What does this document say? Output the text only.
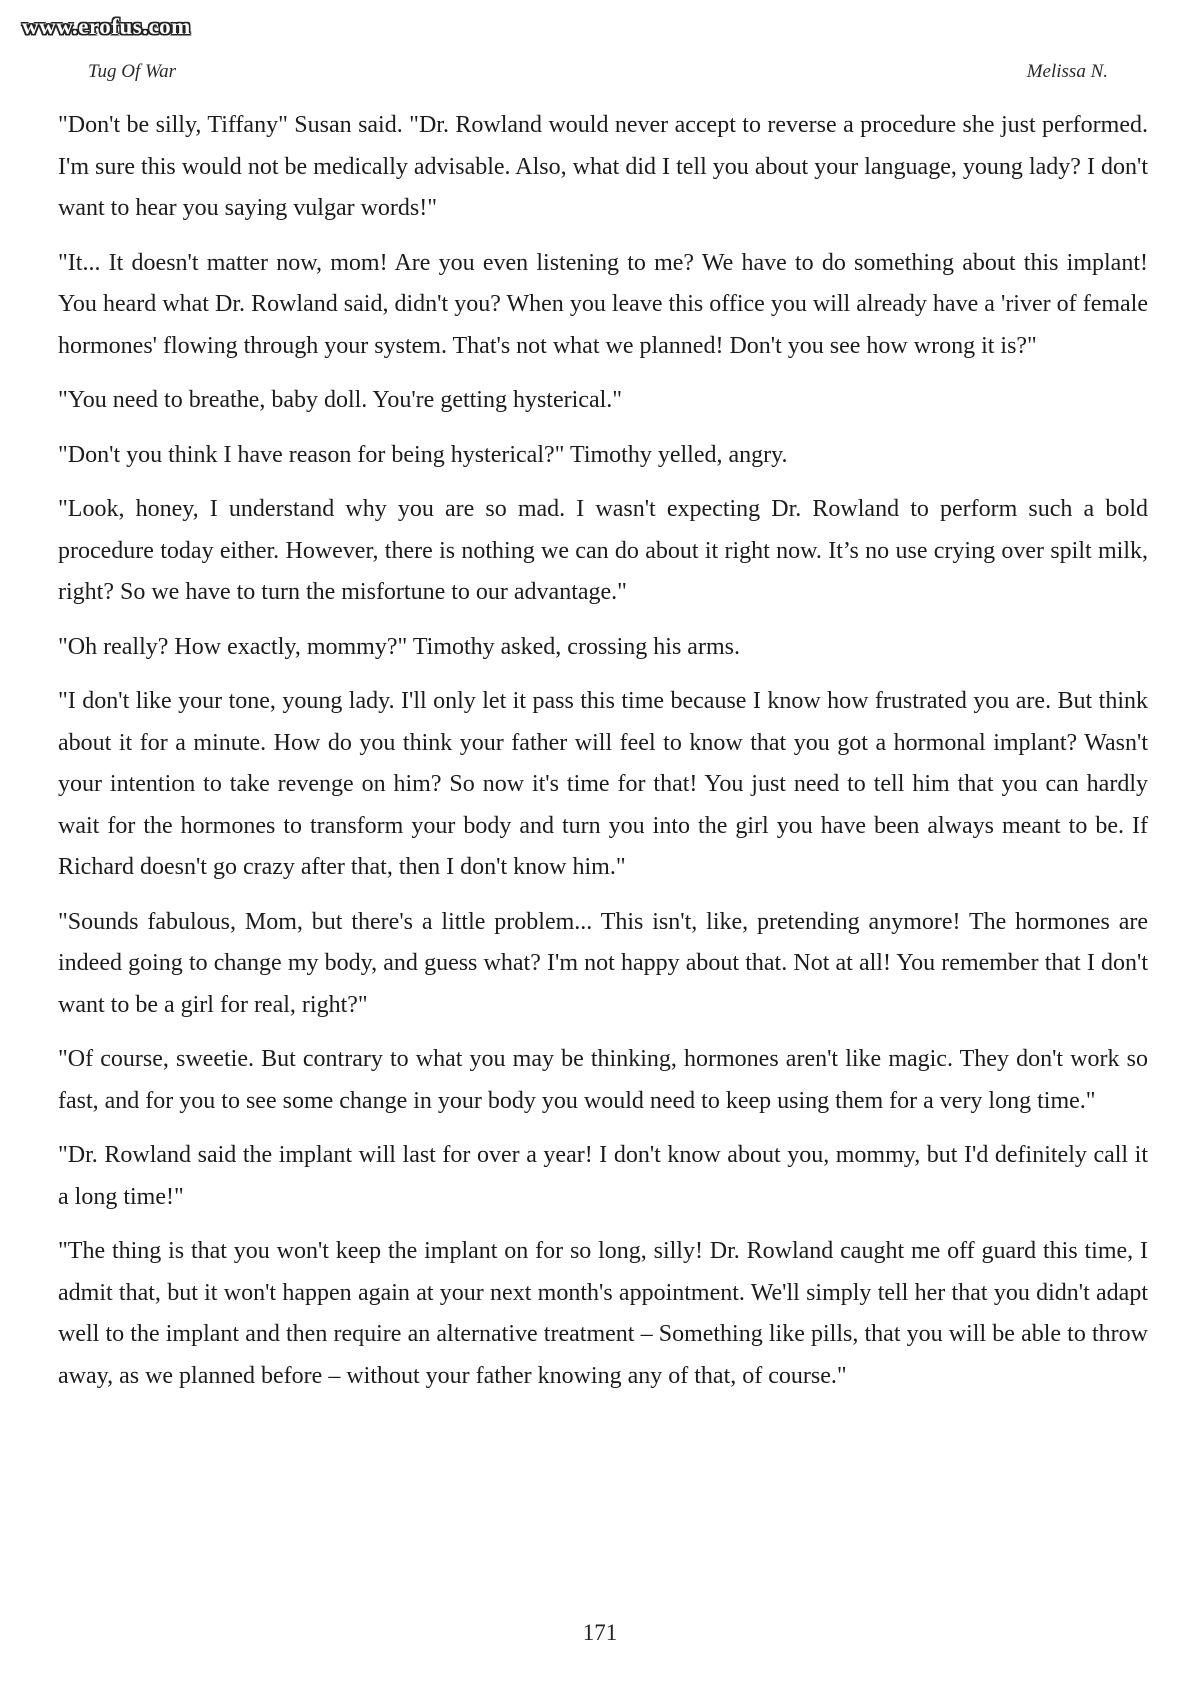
www.erofus.com
Tug Of War	Melissa N.

"Don't be silly, Tiffany" Susan said. "Dr. Rowland would never accept to reverse a procedure she just performed. I'm sure this would not be medically advisable. Also, what did I tell you about your language, young lady? I don't want to hear you saying vulgar words!"

"It... It doesn't matter now, mom! Are you even listening to me? We have to do something about this implant! You heard what Dr. Rowland said, didn't you? When you leave this office you will already have a 'river of female hormones' flowing through your system. That's not what we planned! Don't you see how wrong it is?"

"You need to breathe, baby doll. You're getting hysterical."

"Don't you think I have reason for being hysterical?" Timothy yelled, angry.

"Look, honey, I understand why you are so mad. I wasn't expecting Dr. Rowland to perform such a bold procedure today either. However, there is nothing we can do about it right now. It’s no use crying over spilt milk, right? So we have to turn the misfortune to our advantage."

"Oh really? How exactly, mommy?" Timothy asked, crossing his arms.

"I don't like your tone, young lady. I'll only let it pass this time because I know how frustrated you are. But think about it for a minute. How do you think your father will feel to know that you got a hormonal implant? Wasn't your intention to take revenge on him? So now it's time for that! You just need to tell him that you can hardly wait for the hormones to transform your body and turn you into the girl you have been always meant to be. If Richard doesn't go crazy after that, then I don't know him."

"Sounds fabulous, Mom, but there's a little problem... This isn't, like, pretending anymore! The hormones are indeed going to change my body, and guess what? I'm not happy about that. Not at all! You remember that I don't want to be a girl for real, right?"

"Of course, sweetie. But contrary to what you may be thinking, hormones aren't like magic. They don't work so fast, and for you to see some change in your body you would need to keep using them for a very long time."

"Dr. Rowland said the implant will last for over a year! I don't know about you, mommy, but I'd definitely call it a long time!"

"The thing is that you won't keep the implant on for so long, silly! Dr. Rowland caught me off guard this time, I admit that, but it won't happen again at your next month's appointment. We'll simply tell her that you didn't adapt well to the implant and then require an alternative treatment – Something like pills, that you will be able to throw away, as we planned before – without your father knowing any of that, of course."

171
